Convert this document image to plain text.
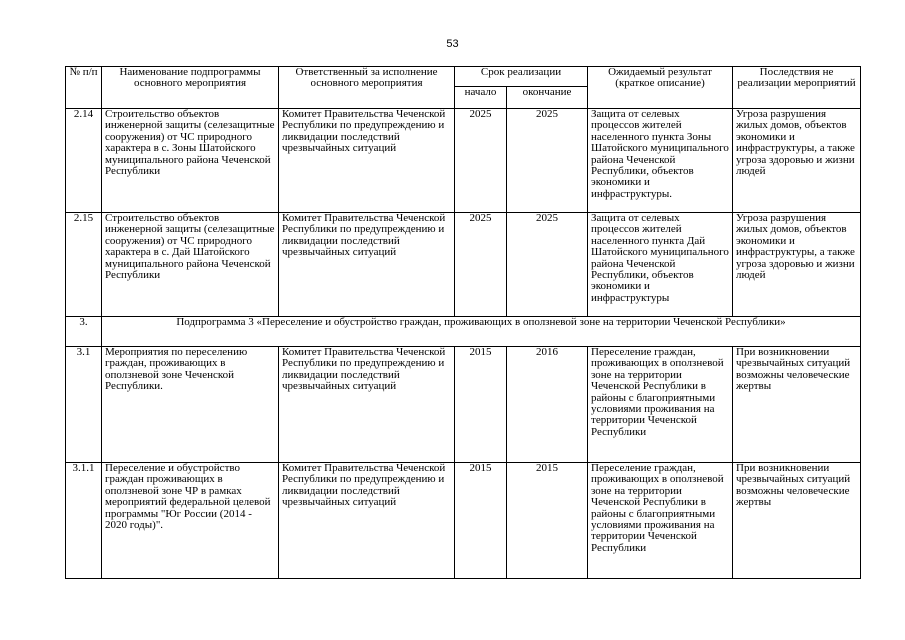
53
№ п/п	Наименование подпрограммы основного мероприятия	Ответственный за исполнение основного мероприятия	Срок реализации		Ожидаемый результат (краткое описание)	Последствия не реализации мероприятий
			начало	окончание		
2.14	Строительство объектов инженерной защиты (селезащитные сооружения) от ЧС природного характера в с. Зоны Шатойского муниципального района Чеченской Республики	Комитет Правительства Чеченской Республики по предупреждению и ликвидации последствий чрезвычайных ситуаций	2025	2025	Защита от селевых процессов жителей населенного пункта Зоны Шатойского муниципального района Чеченской Республики, объектов экономики и инфраструктуры.	Угроза разрушения жилых домов, объектов экономики и инфраструктуры, а также угроза здоровью и жизни людей
2.15	Строительство объектов инженерной защиты (селезащитные сооружения) от ЧС природного характера в с. Дай Шатойского муниципального района Чеченской Республики	Комитет Правительства Чеченской Республики по предупреждению и ликвидации последствий чрезвычайных ситуаций	2025	2025	Защита от селевых процессов жителей населенного пункта Дай Шатойского муниципального района Чеченской Республики, объектов экономики и инфраструктуры	Угроза разрушения жилых домов, объектов экономики и инфраструктуры, а также угроза здоровью и жизни людей
3.	Подпрограмма 3 «Переселение и обустройство граждан, проживающих в оползневой зоне на территории Чеченской Республики»					
3.1	Мероприятия по переселению граждан, проживающих в оползневой зоне Чеченской Республики.	Комитет Правительства Чеченской Республики по предупреждению и ликвидации последствий чрезвычайных ситуаций	2015	2016	Переселение граждан, проживающих в оползневой зоне на территории Чеченской Республики в районы с благоприятными условиями проживания на территории Чеченской Республики	При возникновении чрезвычайных ситуаций возможны человеческие жертвы
3.1.1	Переселение и обустройство граждан проживающих в оползневой зоне ЧР в рамках мероприятий федеральной целевой программы "Юг России (2014 - 2020 годы)".	Комитет Правительства Чеченской Республики по предупреждению и ликвидации последствий чрезвычайных ситуаций	2015	2015	Переселение граждан, проживающих в оползневой зоне на территории Чеченской Республики в районы с благоприятными условиями проживания на территории Чеченской Республики	При возникновении чрезвычайных ситуаций возможны человеческие жертвы
